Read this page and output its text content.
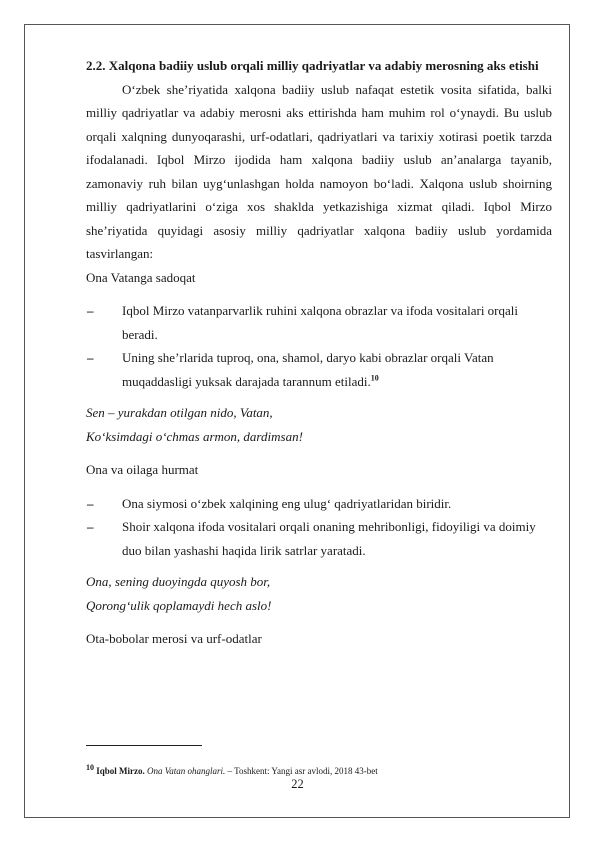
2.2. Xalqona badiiy uslub orqali milliy qadriyatlar va adabiy merosning aks etishi

O‘zbek she’riyatida xalqona badiiy uslub nafaqat estetik vosita sifatida, balki milliy qadriyatlar va adabiy merosni aks ettirishda ham muhim rol o‘ynaydi. Bu uslub orqali xalqning dunyoqarashi, urf-odatlari, qadriyatlari va tarixiy xotirasi poetik tarzda ifodalanadi. Iqbol Mirzo ijodida ham xalqona badiiy uslub an’analarga tayanib, zamonaviy ruh bilan uyg‘unlashgan holda namoyon bo‘ladi. Xalqona uslub shoirning milliy qadriyatlarini o‘ziga xos shaklda yetkazishiga xizmat qiladi. Iqbol Mirzo she’riyatida quyidagi asosiy milliy qadriyatlar xalqona badiiy uslub yordamida tasvirlangan:

Ona Vatanga sadoqat

– Iqbol Mirzo vatanparvarlik ruhini xalqona obrazlar va ifoda vositalari orqali beradi.
– Uning she’rlarida tuproq, ona, shamol, daryo kabi obrazlar orqali Vatan muqaddasligi yuksak darajada tarannum etiladi.$^{10}$

Sen – yurakdan otilgan nido, Vatan,

Ko‘ksimdagi o‘chmas armon, dardimsan!

Ona va oilaga hurmat

– Ona siymosi o‘zbek xalqining eng ulug‘ qadriyatlaridan biridir.
– Shoir xalqona ifoda vositalari orqali onaning mehribonligi, fidoyiligi va doimiy duo bilan yashashi haqida lirik satrlar yaratadi.

Ona, sening duoyingda quyosh bor,

Qorong‘ulik qoplamaydi hech aslo!

Ota-bobolar merosi va urf-odatlar

$^{10}$ Iqbol Mirzo. Ona Vatan ohanglari. – Toshkent: Yangi asr avlodi, 2018 43-bet
22
